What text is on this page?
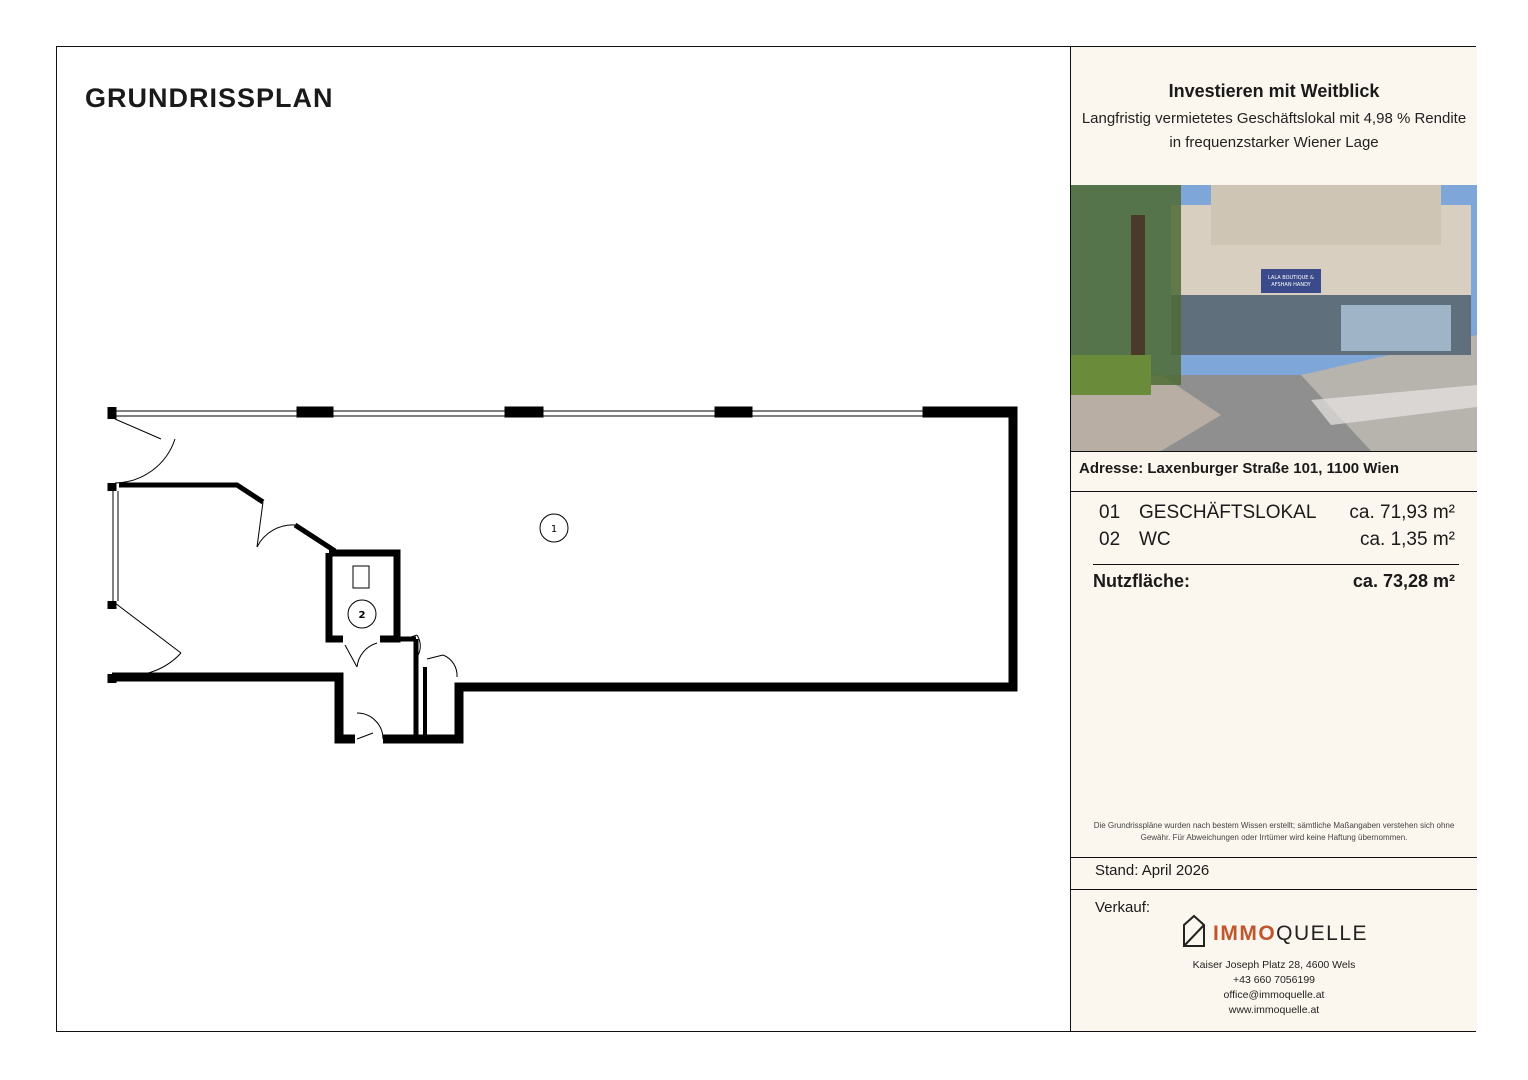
GRUNDRISSPLAN
1
2
Investieren mit Weitblick
Langfristig vermietetes Geschäftslokal mit 4,98 % Rendite in frequenzstarker Wiener Lage
LALA BOUTIQUE &
AFSHAN HANDY
Adresse: Laxenburger Straße 101, 1100 Wien
01 GESCHÄFTSLOKAL ca. 71,93 m²
02 WC	ca. 1,35 m²
Nutzfläche:	ca. 73,28 m²
Die Grundrisspläne wurden nach bestem Wissen erstellt; sämtliche Maßangaben verstehen sich ohne Gewähr. Für Abweichungen oder Irrtümer wird keine Haftung übernommen.
Stand: April 2026
Verkauf:
IMMOQUELLE
Kaiser Joseph Platz 28, 4600 Wels
+43 660 7056199
office@immoquelle.at
www.immoquelle.at
